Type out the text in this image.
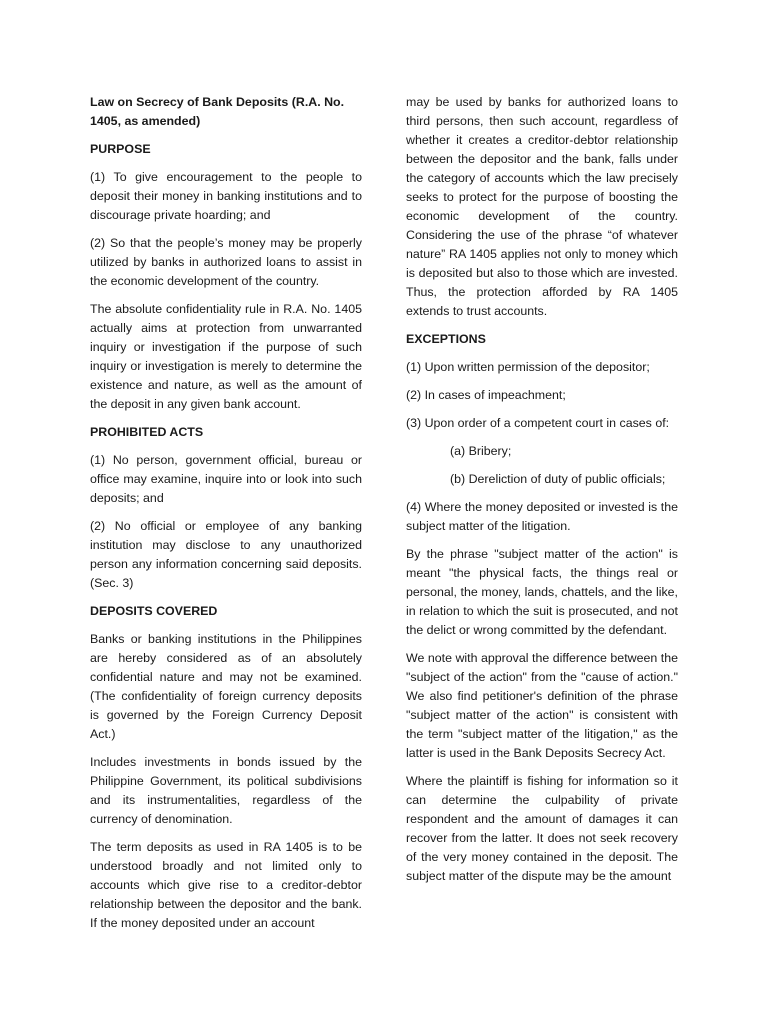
Law on Secrecy of Bank Deposits (R.A. No. 1405, as amended)

PURPOSE

(1) To give encouragement to the people to deposit their money in banking institutions and to discourage private hoarding; and

(2) So that the people’s money may be properly utilized by banks in authorized loans to assist in the economic development of the country.

The absolute confidentiality rule in R.A. No. 1405 actually aims at protection from unwarranted inquiry or investigation if the purpose of such inquiry or investigation is merely to determine the existence and nature, as well as the amount of the deposit in any given bank account.

PROHIBITED ACTS

(1) No person, government official, bureau or office may examine, inquire into or look into such deposits; and

(2) No official or employee of any banking institution may disclose to any unauthorized person any information concerning said deposits. (Sec. 3)

DEPOSITS COVERED

Banks or banking institutions in the Philippines are hereby considered as of an absolutely confidential nature and may not be examined. (The confidentiality of foreign currency deposits is governed by the Foreign Currency Deposit Act.)

Includes investments in bonds issued by the Philippine Government, its political subdivisions and its instrumentalities, regardless of the currency of denomination.

The term deposits as used in RA 1405 is to be understood broadly and not limited only to accounts which give rise to a creditor-debtor relationship between the depositor and the bank. If the money deposited under an account

may be used by banks for authorized loans to third persons, then such account, regardless of whether it creates a creditor-debtor relationship between the depositor and the bank, falls under the category of accounts which the law precisely seeks to protect for the purpose of boosting the economic development of the country. Considering the use of the phrase “of whatever nature” RA 1405 applies not only to money which is deposited but also to those which are invested. Thus, the protection afforded by RA 1405 extends to trust accounts.

EXCEPTIONS

(1) Upon written permission of the depositor;

(2) In cases of impeachment;

(3) Upon order of a competent court in cases of:

(a) Bribery;

(b) Dereliction of duty of public officials;

(4) Where the money deposited or invested is the subject matter of the litigation.

By the phrase "subject matter of the action" is meant "the physical facts, the things real or personal, the money, lands, chattels, and the like, in relation to which the suit is prosecuted, and not the delict or wrong committed by the defendant.

We note with approval the difference between the "subject of the action" from the "cause of action." We also find petitioner's definition of the phrase "subject matter of the action" is consistent with the term "subject matter of the litigation," as the latter is used in the Bank Deposits Secrecy Act.

Where the plaintiff is fishing for information so it can determine the culpability of private respondent and the amount of damages it can recover from the latter. It does not seek recovery of the very money contained in the deposit. The subject matter of the dispute may be the amount
